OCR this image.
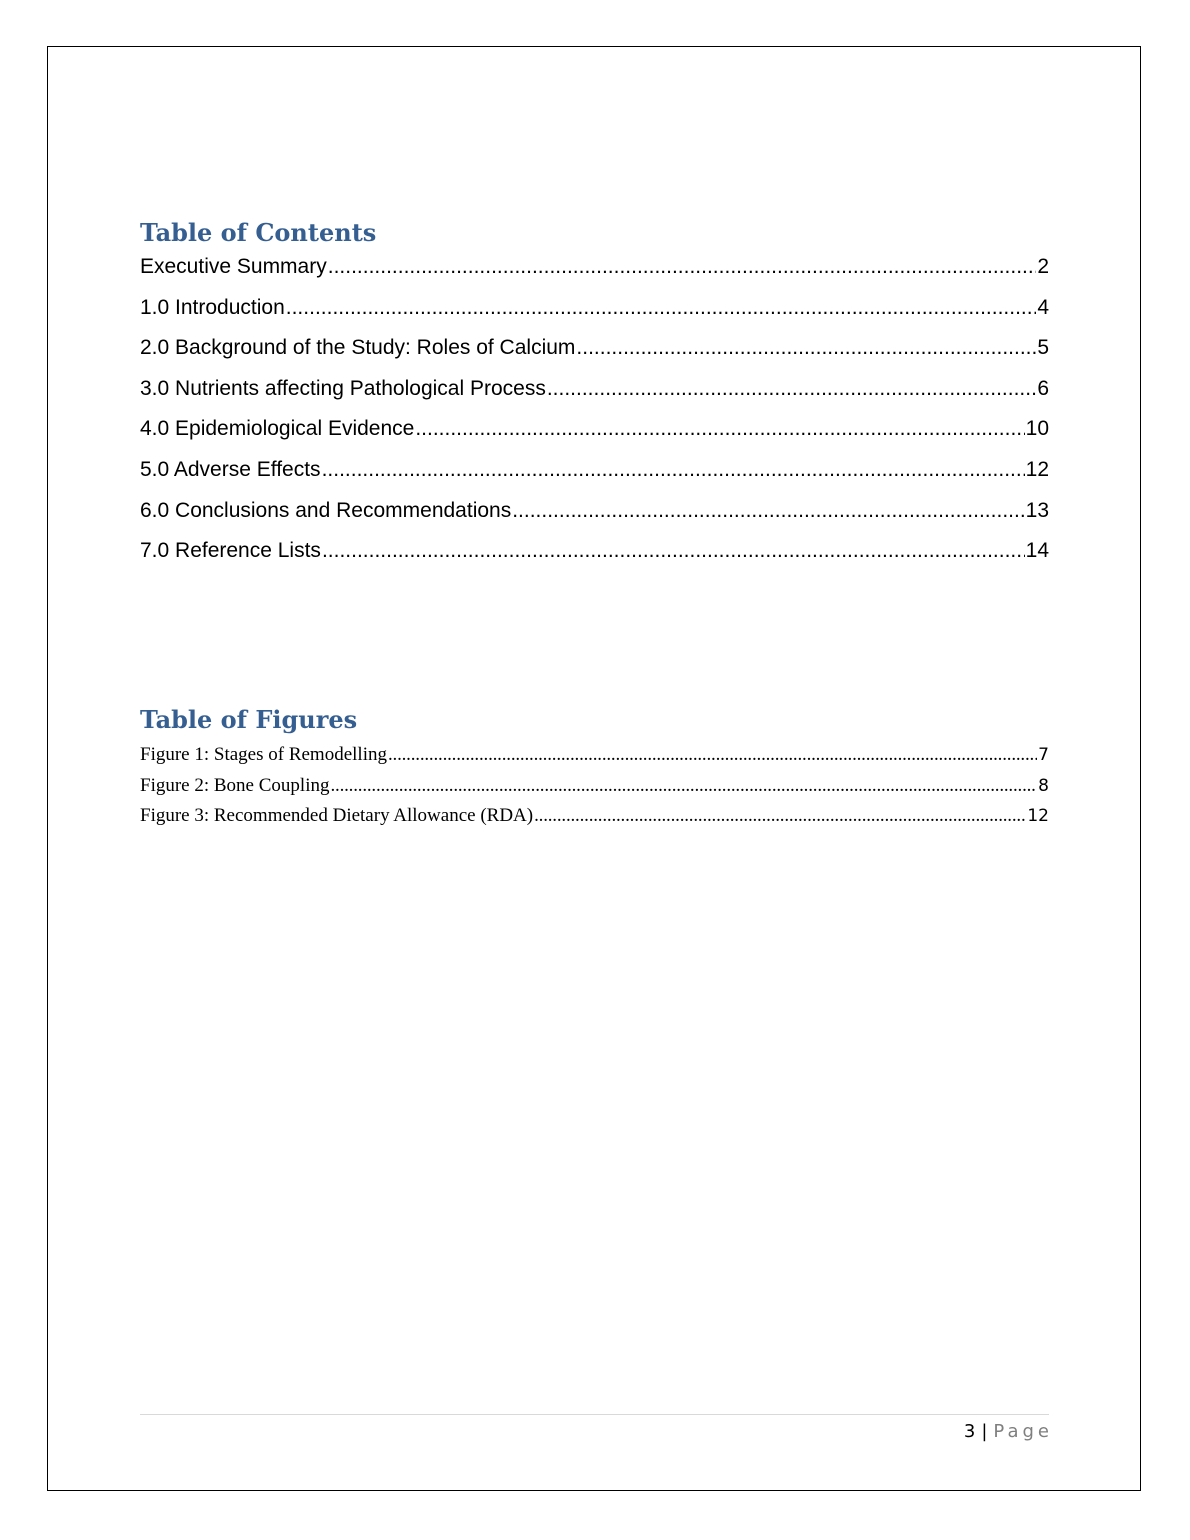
Table of Contents
Executive Summary .....	2
1.0 Introduction .....	4
2.0 Background of the Study: Roles of Calcium .....	5
3.0 Nutrients affecting Pathological Process .....	6
4.0 Epidemiological Evidence .....	10
5.0 Adverse Effects .....	12
6.0 Conclusions and Recommendations .....	13
7.0 Reference Lists .....	14
Table of Figures
Figure 1: Stages of Remodelling .....	7
Figure 2: Bone Coupling .....	8
Figure 3: Recommended Dietary Allowance (RDA) .....	12
3 | Page
